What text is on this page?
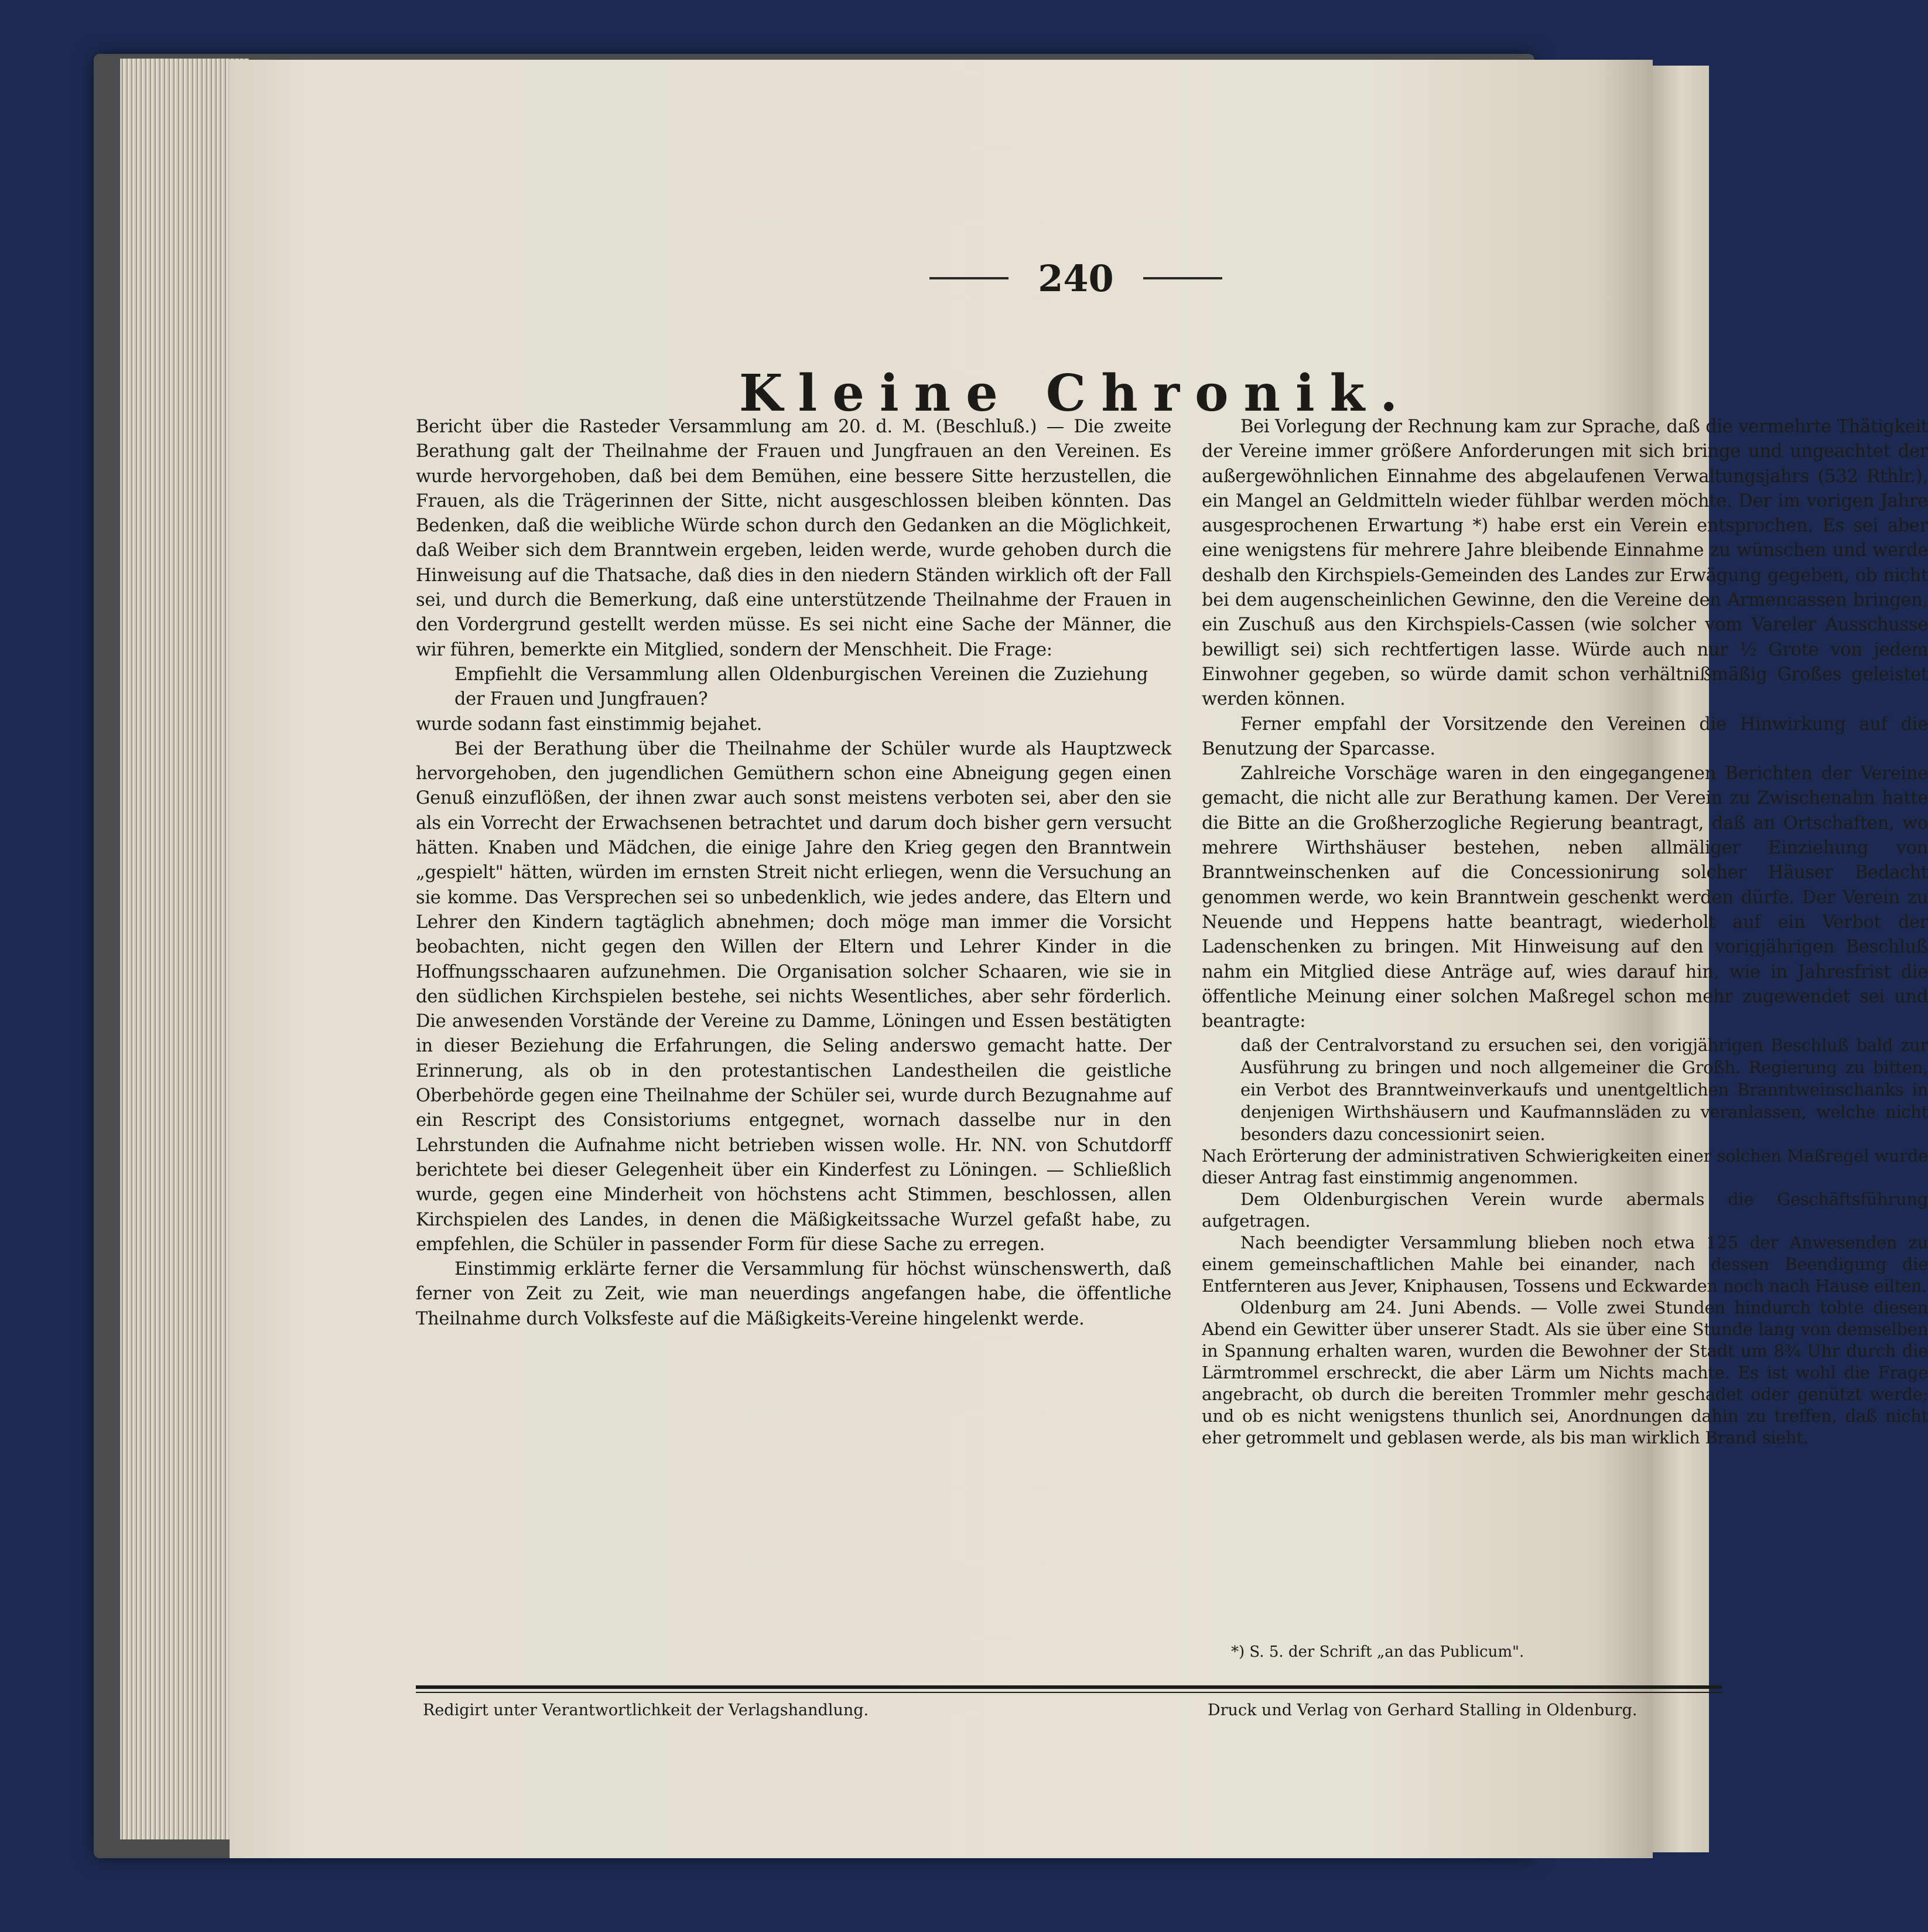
240
Kleine Chronik.

Bericht über die Rasteder Versammlung am 20. d. M. (Beschluß.) — Die zweite Berathung galt der Theilnahme der Frauen und Jungfrauen an den Vereinen. Es wurde hervorgehoben, daß bei dem Bemühen, eine bessere Sitte herzustellen, die Frauen, als die Trägerinnen der Sitte, nicht ausgeschlossen bleiben könnten. Das Bedenken, daß die weibliche Würde schon durch den Gedanken an die Möglichkeit, daß Weiber sich dem Branntwein ergeben, leiden werde, wurde gehoben durch die Hinweisung auf die Thatsache, daß dies in den niedern Ständen wirklich oft der Fall sei, und durch die Bemerkung, daß eine unterstützende Theilnahme der Frauen in den Vordergrund gestellt werden müsse. Es sei nicht eine Sache der Männer, die wir führen, bemerkte ein Mitglied, sondern der Menschheit. Die Frage:

Empfiehlt die Versammlung allen Oldenburgischen Vereinen die Zuziehung der Frauen und Jungfrauen?

wurde sodann fast einstimmig bejahet.

Bei der Berathung über die Theilnahme der Schüler wurde als Hauptzweck hervorgehoben, den jugendlichen Gemüthern schon eine Abneigung gegen einen Genuß einzuflößen, der ihnen zwar auch sonst meistens verboten sei, aber den sie als ein Vorrecht der Erwachsenen betrachtet und darum doch bisher gern versucht hätten. Knaben und Mädchen, die einige Jahre den Krieg gegen den Branntwein „gespielt" hätten, würden im ernsten Streit nicht erliegen, wenn die Versuchung an sie komme. Das Versprechen sei so unbedenklich, wie jedes andere, das Eltern und Lehrer den Kindern tagtäglich abnehmen; doch möge man immer die Vorsicht beobachten, nicht gegen den Willen der Eltern und Lehrer Kinder in die Hoffnungsschaaren aufzunehmen. Die Organisation solcher Schaaren, wie sie in den südlichen Kirchspielen bestehe, sei nichts Wesentliches, aber sehr förderlich. Die anwesenden Vorstände der Vereine zu Damme, Löningen und Essen bestätigten in dieser Beziehung die Erfahrungen, die Seling anderswo gemacht hatte. Der Erinnerung, als ob in den protestantischen Landestheilen die geistliche Oberbehörde gegen eine Theilnahme der Schüler sei, wurde durch Bezugnahme auf ein Rescript des Consistoriums entgegnet, wornach dasselbe nur in den Lehrstunden die Aufnahme nicht betrieben wissen wolle. Hr. NN. von Schutdorff berichtete bei dieser Gelegenheit über ein Kinderfest zu Löningen. — Schließlich wurde, gegen eine Minderheit von höchstens acht Stimmen, beschlossen, allen Kirchspielen des Landes, in denen die Mäßigkeitssache Wurzel gefaßt habe, zu empfehlen, die Schüler in passender Form für diese Sache zu erregen.

Einstimmig erklärte ferner die Versammlung für höchst wünschenswerth, daß ferner von Zeit zu Zeit, wie man neuerdings angefangen habe, die öffentliche Theilnahme durch Volksfeste auf die Mäßigkeits-Vereine hingelenkt werde.

Bei Vorlegung der Rechnung kam zur Sprache, daß die vermehrte Thätigkeit der Vereine immer größere Anforderungen mit sich bringe und ungeachtet der außergewöhnlichen Einnahme des abgelaufenen Verwaltungsjahrs (532 Rthlr.), ein Mangel an Geldmitteln wieder fühlbar werden möchte. Der im vorigen Jahre ausgesprochenen Erwartung *) habe erst ein Verein entsprochen. Es sei aber eine wenigstens für mehrere Jahre bleibende Einnahme zu wünschen und werde deshalb den Kirchspiels-Gemeinden des Landes zur Erwägung gegeben, ob nicht bei dem augenscheinlichen Gewinne, den die Vereine den Armencassen bringen, ein Zuschuß aus den Kirchspiels-Cassen (wie solcher vom Vareler Ausschusse bewilligt sei) sich rechtfertigen lasse. Würde auch nur ½ Grote von jedem Einwohner gegeben, so würde damit schon verhältnißmäßig Großes geleistet werden können.

Ferner empfahl der Vorsitzende den Vereinen die Hinwirkung auf die Benutzung der Sparcasse.

Zahlreiche Vorschäge waren in den eingegangenen Berichten der Vereine gemacht, die nicht alle zur Berathung kamen. Der Verein zu Zwischenahn hatte die Bitte an die Großherzogliche Regierung beantragt, daß an Ortschaften, wo mehrere Wirthshäuser bestehen, neben allmäliger Einziehung von Branntweinschenken auf die Concessionirung solcher Häuser Bedacht genommen werde, wo kein Branntwein geschenkt werden dürfe. Der Verein zu Neuende und Heppens hatte beantragt, wiederholt auf ein Verbot der Ladenschenken zu bringen. Mit Hinweisung auf den vorigjährigen Beschluß nahm ein Mitglied diese Anträge auf, wies darauf hin, wie in Jahresfrist die öffentliche Meinung einer solchen Maßregel schon mehr zugewendet sei und beantragte:

daß der Centralvorstand zu ersuchen sei, den vorigjährigen Beschluß bald zur Ausführung zu bringen und noch allgemeiner die Großh. Regierung zu bitten, ein Verbot des Branntweinverkaufs und unentgeltlichen Branntweinschanks in denjenigen Wirthshäusern und Kaufmannsläden zu veranlassen, welche nicht besonders dazu concessionirt seien.

Nach Erörterung der administrativen Schwierigkeiten einer solchen Maßregel wurde dieser Antrag fast einstimmig angenommen.

Dem Oldenburgischen Verein wurde abermals die Geschäftsführung aufgetragen.

Nach beendigter Versammlung blieben noch etwa 125 der Anwesenden zu einem gemeinschaftlichen Mahle bei einander, nach dessen Beendigung die Entfernteren aus Jever, Kniphausen, Tossens und Eckwarden noch nach Hause eilten.

Oldenburg am 24. Juni Abends. — Volle zwei Stunden hindurch tobte diesen Abend ein Gewitter über unserer Stadt. Als sie über eine Stunde lang von demselben in Spannung erhalten waren, wurden die Bewohner der Stadt um 8¾ Uhr durch die Lärmtrommel erschreckt, die aber Lärm um Nichts machte. Es ist wohl die Frage angebracht, ob durch die bereiten Trommler mehr geschadet oder genützt werde; und ob es nicht wenigstens thunlich sei, Anordnungen dahin zu treffen, daß nicht eher getrommelt und geblasen werde, als bis man wirklich Brand sieht.

*) S. 5. der Schrift „an das Publicum".
Redigirt unter Verantwortlichkeit der Verlagshandlung.	Druck und Verlag von Gerhard Stalling in Oldenburg.
